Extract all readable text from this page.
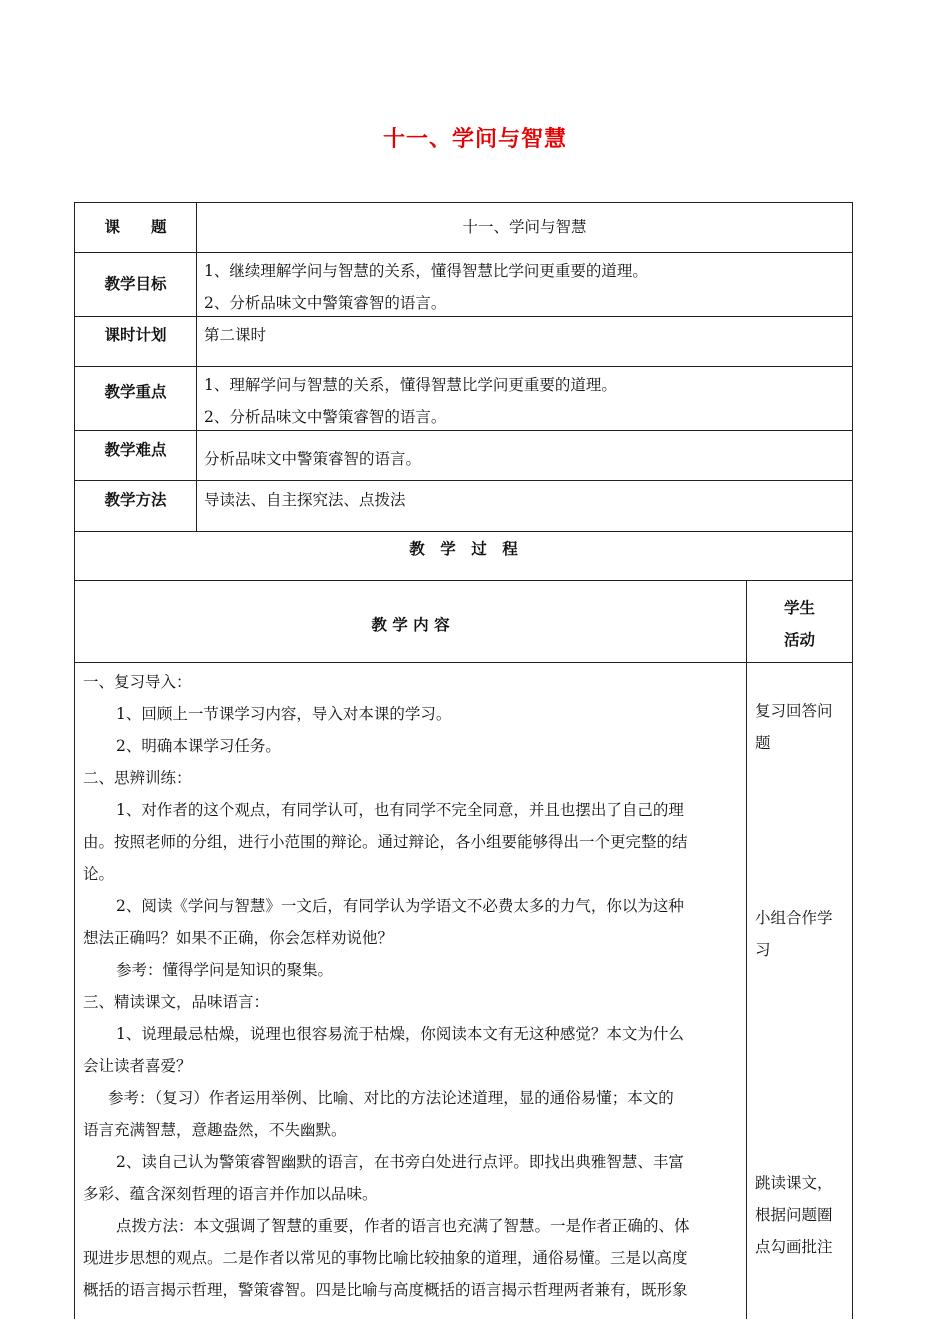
十一、学问与智慧
课　　题
教学目标
课时计划
教学重点
教学难点
教学方法
十一、学问与智慧

1、继续理解学问与智慧的关系，懂得智慧比学问更重要的道理。

2、分析品味文中警策睿智的语言。

第二课时

1、理解学问与智慧的关系，懂得智慧比学问更重要的道理。

2、分析品味文中警策睿智的语言。

分析品味文中警策睿智的语言。
导读法、自主探究法、点拨法
教　学　过　程
教 学 内 容

学生

活动

一、复习导入：

1、回顾上一节课学习内容，导入对本课的学习。

2、明确本课学习任务。

二、思辨训练：

1、对作者的这个观点，有同学认可，也有同学不完全同意，并且也摆出了自己的理

由。按照老师的分组，进行小范围的辩论。通过辩论，各小组要能够得出一个更完整的结

论。

2、阅读《学问与智慧》一文后，有同学认为学语文不必费太多的力气，你以为这种

想法正确吗？如果不正确，你会怎样劝说他？

参考：懂得学问是知识的聚集。

三、精读课文，品味语言：

1、说理最忌枯燥，说理也很容易流于枯燥，你阅读本文有无这种感觉？本文为什么

会让读者喜爱？

参考：（复习）作者运用举例、比喻、对比的方法论述道理，显的通俗易懂；本文的

语言充满智慧，意趣盎然，不失幽默。

2、读自己认为警策睿智幽默的语言，在书旁白处进行点评。即找出典雅智慧、丰富

多彩、蕴含深刻哲理的语言并作加以品味。

点拨方法：本文强调了智慧的重要，作者的语言也充满了智慧。一是作者正确的、体

现进步思想的观点。二是作者以常见的事物比喻比较抽象的道理，通俗易懂。三是以高度

概括的语言揭示哲理，警策睿智。四是比喻与高度概括的语言揭示哲理两者兼有，既形象

复习回答问

题

小组合作学

习

跳读课文，

根据问题圈

点勾画批注
